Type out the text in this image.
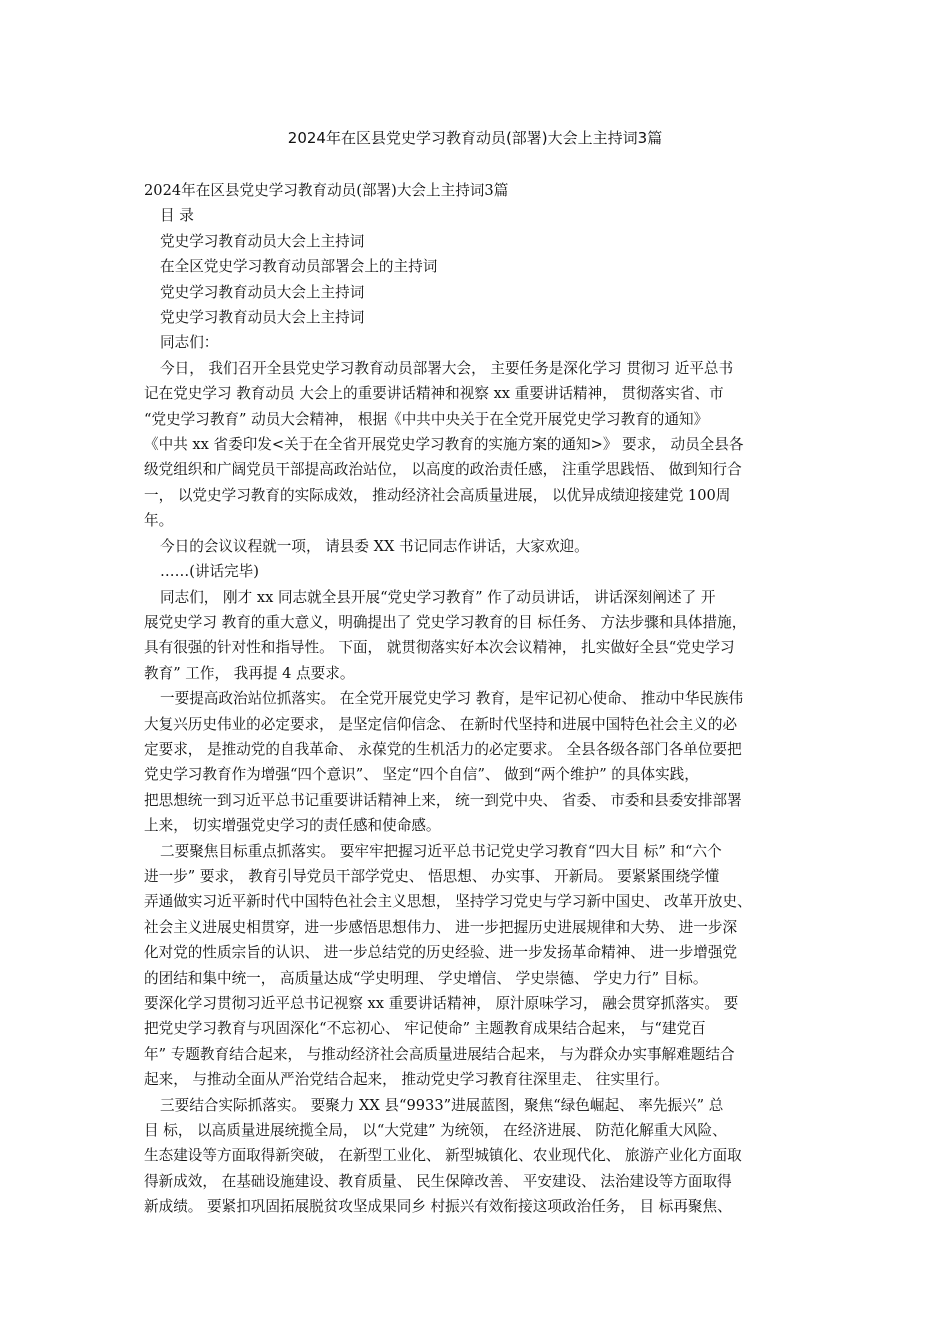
2024年在区县党史学习教育动员(部署)大会上主持词3篇

2024年在区县党史学习教育动员(部署)大会上主持词3篇

目 录

党史学习教育动员大会上主持词

在全区党史学习教育动员部署会上的主持词

党史学习教育动员大会上主持词

党史学习教育动员大会上主持词

同志们：

今日， 我们召开全县党史学习教育动员部署大会， 主要任务是深化学习 贯彻习 近平总书

记在党史学习 教育动员 大会上的重要讲话精神和视察 xx 重要讲话精神， 贯彻落实省、市

“党史学习教育” 动员大会精神， 根据《中共中央关于在全党开展党史学习教育的通知》

《中共 xx 省委印发<关于在全省开展党史学习教育的实施方案的通知>》 要求， 动员全县各

级党组织和广阔党员干部提高政治站位， 以高度的政治责任感， 注重学思践悟、 做到知行合

一， 以党史学习教育的实际成效， 推动经济社会高质量进展， 以优异成绩迎接建党 100周

年。

今日的会议议程就一项， 请县委 XX 书记同志作讲话，大家欢迎。

……(讲话完毕)

同志们， 刚才 xx 同志就全县开展“党史学习教育” 作了动员讲话， 讲话深刻阐述了 开

展党史学习 教育的重大意义，明确提出了 党史学习教育的目 标任务、 方法步骤和具体措施，

具有很强的针对性和指导性。 下面， 就贯彻落实好本次会议精神， 扎实做好全县“党史学习

教育” 工作， 我再提 4 点要求。

一要提高政治站位抓落实。 在全党开展党史学习 教育，是牢记初心使命、 推动中华民族伟

大复兴历史伟业的必定要求， 是坚定信仰信念、 在新时代坚持和进展中国特色社会主义的必

定要求， 是推动党的自我革命、 永葆党的生机活力的必定要求。 全县各级各部门各单位要把

党史学习教育作为增强“四个意识”、 坚定“四个自信”、 做到“两个维护” 的具体实践，

把思想统一到习近平总书记重要讲话精神上来， 统一到党中央、 省委、 市委和县委安排部署

上来， 切实增强党史学习的责任感和使命感。

二要聚焦目标重点抓落实。 要牢牢把握习近平总书记党史学习教育“四大目 标” 和“六个

进一步” 要求， 教育引导党员干部学党史、 悟思想、 办实事、 开新局。 要紧紧围绕学懂

弄通做实习近平新时代中国特色社会主义思想， 坚持学习党史与学习新中国史、 改革开放史、

社会主义进展史相贯穿，进一步感悟思想伟力、 进一步把握历史进展规律和大势、 进一步深

化对党的性质宗旨的认识、 进一步总结党的历史经验、进一步发扬革命精神、 进一步增强党

的团结和集中统一， 高质量达成“学史明理、 学史增信、 学史崇德、 学史力行” 目标。

要深化学习贯彻习近平总书记视察 xx 重要讲话精神， 原汁原味学习， 融会贯穿抓落实。 要

把党史学习教育与巩固深化“不忘初心、 牢记使命” 主题教育成果结合起来， 与“建党百

年” 专题教育结合起来， 与推动经济社会高质量进展结合起来， 与为群众办实事解难题结合

起来， 与推动全面从严治党结合起来， 推动党史学习教育往深里走、 往实里行。

三要结合实际抓落实。 要聚力 XX 县“9933”进展蓝图，聚焦“绿色崛起、 率先振兴” 总

目 标， 以高质量进展统揽全局， 以“大党建” 为统领， 在经济进展、 防范化解重大风险、

生态建设等方面取得新突破， 在新型工业化、 新型城镇化、农业现代化、 旅游产业化方面取

得新成效， 在基础设施建设、教育质量、 民生保障改善、 平安建设、 法治建设等方面取得

新成绩。 要紧扣巩固拓展脱贫攻坚成果同乡 村振兴有效衔接这项政治任务， 目 标再聚焦、
